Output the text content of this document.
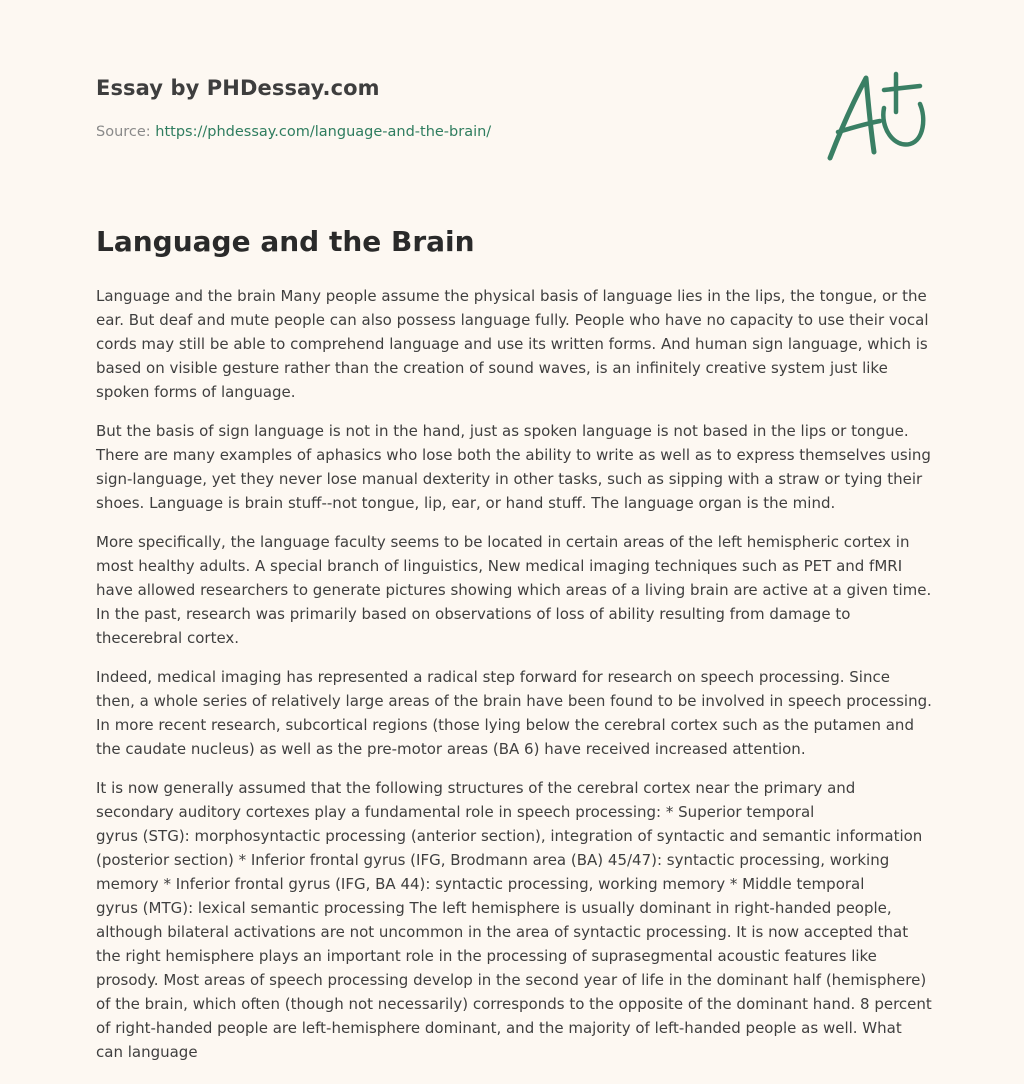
Essay by PHDessay.com
Source: https://phdessay.com/language-and-the-brain/
Language and the Brain

Language and the brain Many people assume the physical basis of language lies in the lips, the tongue, or the ear. But deaf and mute people can also possess language fully. People who have no capacity to use their vocal cords may still be able to comprehend language and use its written forms. And human sign language, which is based on visible gesture rather than the creation of sound waves, is an infinitely creative system just like spoken forms of language.

But the basis of sign language is not in the hand, just as spoken language is not based in the lips or tongue. There are many examples of aphasics who lose both the ability to write as well as to express themselves using sign-language, yet they never lose manual dexterity in other tasks, such as sipping with a straw or tying their shoes. Language is brain stuff--not tongue, lip, ear, or hand stuff. The language organ is the mind.

More specifically, the language faculty seems to be located in certain areas of the left hemispheric cortex in most healthy adults. A special branch of linguistics, New medical imaging techniques such as PET and fMRI have allowed researchers to generate pictures showing which areas of a living brain are active at a given time. In the past, research was primarily based on observations of loss of ability resulting from damage to thecerebral cortex.

Indeed, medical imaging has represented a radical step forward for research on speech processing. Since then, a whole series of relatively large areas of the brain have been found to be involved in speech processing. In more recent research, subcortical regions (those lying below the cerebral cortex such as the putamen and the caudate nucleus) as well as the pre-motor areas (BA 6) have received increased attention.

It is now generally assumed that the following structures of the cerebral cortex near the primary and secondary auditory cortexes play a fundamental role in speech processing: * Superior temporal
gyrus (STG): morphosyntactic processing (anterior section), integration of syntactic and semantic information (posterior section) * Inferior frontal gyrus (IFG, Brodmann area (BA) 45/47): syntactic processing, working memory * Inferior frontal gyrus (IFG, BA 44): syntactic processing, working memory * Middle temporal
gyrus (MTG): lexical semantic processing The left hemisphere is usually dominant in right-handed people, although bilateral activations are not uncommon in the area of syntactic processing. It is now accepted that the right hemisphere plays an important role in the processing of suprasegmental acoustic features like prosody. Most areas of speech processing develop in the second year of life in the dominant half (hemisphere) of the brain, which often (though not necessarily) corresponds to the opposite of the dominant hand. 8 percent of right-handed people are left-hemisphere dominant, and the majority of left-handed people as well. What can language
